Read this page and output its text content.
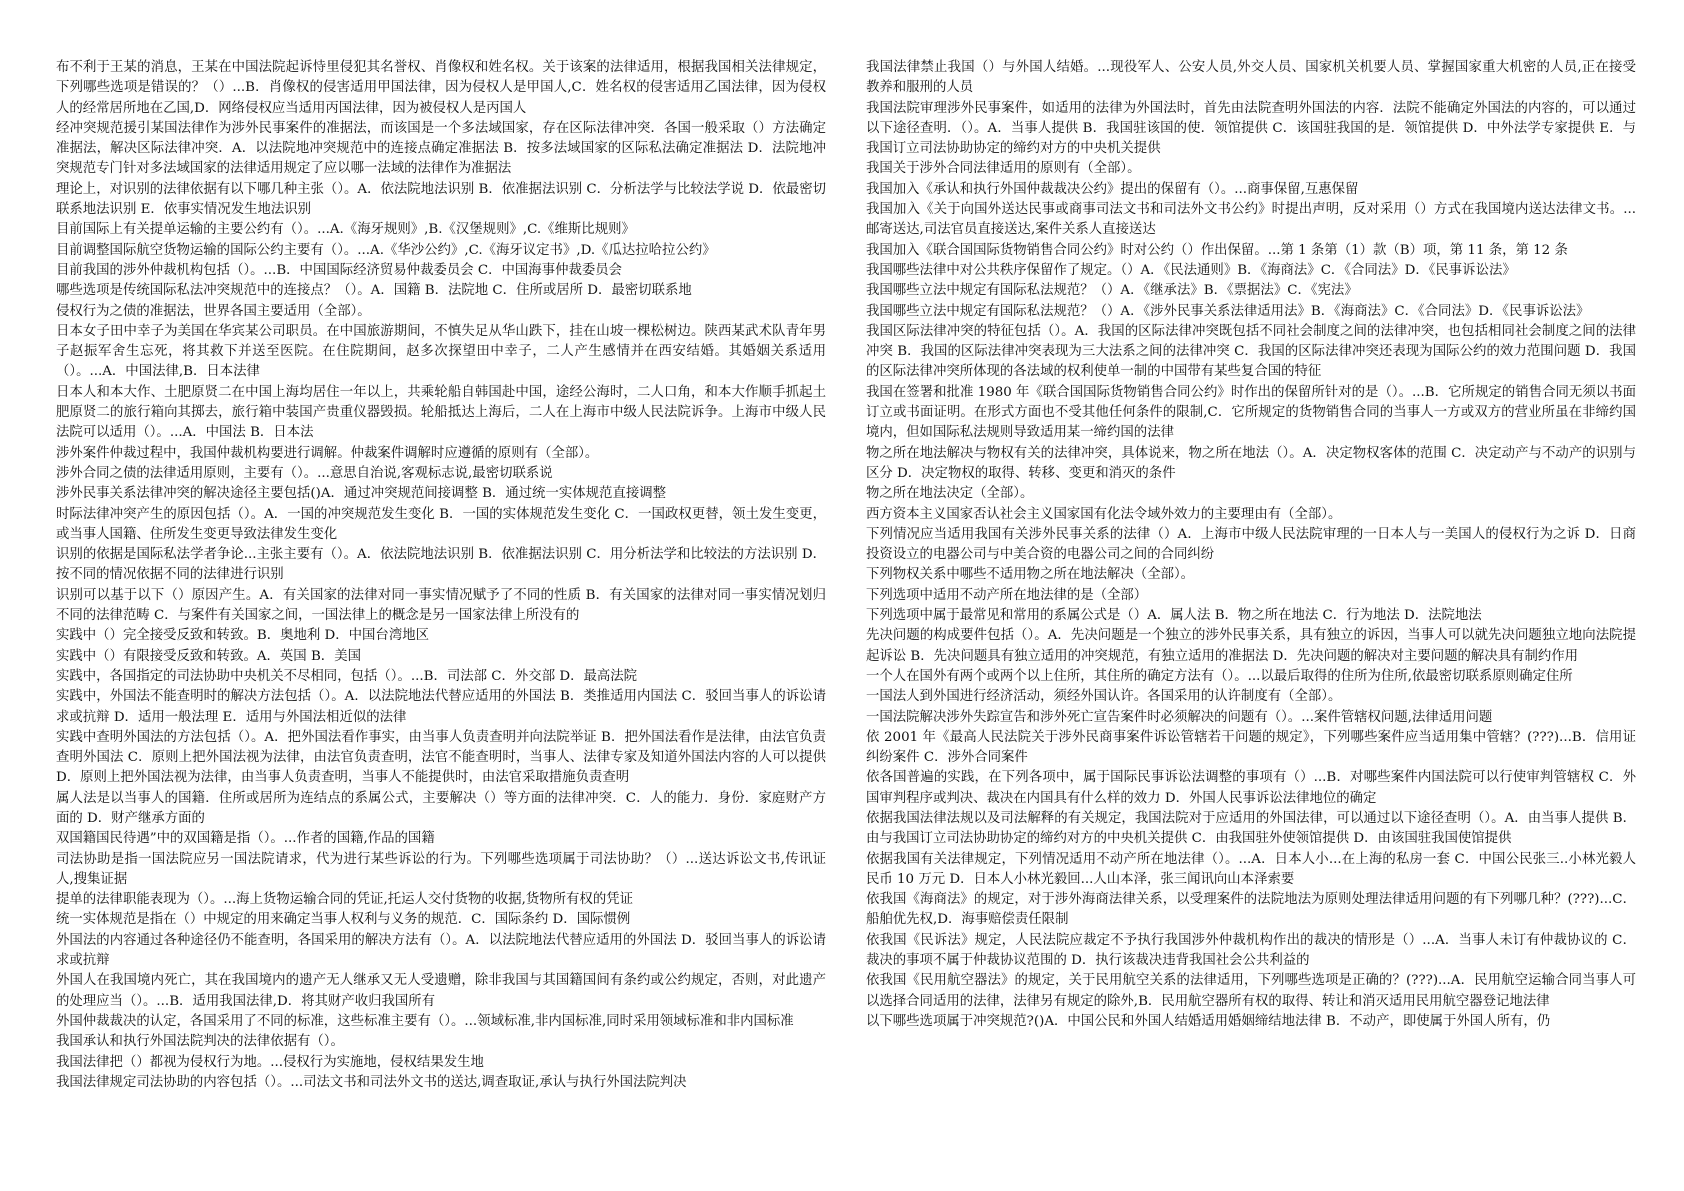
布不利于王某的消息，王某在中国法院起诉恃里侵犯其名誉权、肖像权和姓名权。关于该案的法律适用，根据我国相关法律规定，下列哪些选项是错误的？（）...B．肖像权的侵害适用甲国法律，因为侵权人是甲国人,C．姓名权的侵害适用乙国法律，因为侵权人的经常居所地在乙国,D．网络侵权应当适用丙国法律，因为被侵权人是丙国人

经冲突规范援引某国法律作为涉外民事案件的准据法，而该国是一个多法域国家，存在区际法律冲突．各国一般采取（）方法确定准据法，解决区际法律冲突．A．以法院地冲突规范中的连接点确定准据法 B．按多法域国家的区际私法确定准据法 D．法院地冲突规范专门针对多法域国家的法律适用规定了应以哪一法域的法律作为准据法

理论上，对识别的法律依据有以下哪几种主张（）。A．依法院地法识别 B．依准据法识别 C．分析法学与比较法学说 D．依最密切联系地法识别 E．依事实情况发生地法识别

目前国际上有关提单运输的主要公约有（）。...A.《海牙规则》,B.《汉堡规则》,C.《维斯比规则》

目前调整国际航空货物运输的国际公约主要有（）。...A.《华沙公约》,C.《海牙议定书》,D.《瓜达拉哈拉公约》

目前我国的涉外仲裁机构包括（）。...B．中国国际经济贸易仲裁委员会 C．中国海事仲裁委员会

哪些选项是传统国际私法冲突规范中的连接点？（）。A．国籍 B．法院地 C．住所或居所 D．最密切联系地

侵权行为之债的准据法，世界各国主要适用（全部）。

日本女子田中幸子为美国在华宾某公司职员。在中国旅游期间，不慎失足从华山跌下，挂在山坡一棵松树边。陕西某武术队青年男子赵振军舍生忘死，将其救下并送至医院。在住院期间，赵多次探望田中幸子，二人产生感情并在西安结婚。其婚姻关系适用（）。...A．中国法律,B．日本法律

日本人和本大作、土肥原贤二在中国上海均居住一年以上，共乘轮船自韩国赴中国，途经公海时，二人口角，和本大作顺手抓起土肥原贤二的旅行箱向其掷去，旅行箱中装国产贵重仪器毁损。轮船抵达上海后，二人在上海市中级人民法院诉争。上海市中级人民法院可以适用（）。...A．中国法 B．日本法

涉外案件仲裁过程中，我国仲裁机构要进行调解。仲裁案件调解时应遵循的原则有（全部）。

涉外合同之债的法律适用原则，主要有（）。...意思自治说,客观标志说,最密切联系说

涉外民事关系法律冲突的解决途径主要包括()A．通过冲突规范间接调整 B．通过统一实体规范直接调整

时际法律冲突产生的原因包括（）。A．一国的冲突规范发生变化 B．一国的实体规范发生变化 C．一国政权更替，领土发生变更，或当事人国籍、住所发生变更导致法律发生变化

识别的依据是国际私法学者争论...主张主要有（）。A．依法院地法识别 B．依准据法识别 C．用分析法学和比较法的方法识别 D．按不同的情况依据不同的法律进行识别

识别可以基于以下（）原因产生。A．有关国家的法律对同一事实情况赋予了不同的性质 B．有关国家的法律对同一事实情况划归不同的法律范畴 C．与案件有关国家之间，一国法律上的概念是另一国家法律上所没有的

实践中（）完全接受反致和转致。B．奥地利 D．中国台湾地区

实践中（）有限接受反致和转致。A．英国 B．美国

实践中，各国指定的司法协助中央机关不尽相同，包括（）。...B．司法部 C．外交部 D．最高法院

实践中，外国法不能查明时的解决方法包括（）。A．以法院地法代替应适用的外国法 B．类推适用内国法 C．驳回当事人的诉讼请求或抗辩 D．适用一般法理 E．适用与外国法相近似的法律

实践中查明外国法的方法包括（）。A．把外国法看作事实，由当事人负责查明并向法院举证 B．把外国法看作是法律，由法官负责查明外国法 C．原则上把外国法视为法律，由法官负责查明，法官不能查明时，当事人、法律专家及知道外国法内容的人可以提供 D．原则上把外国法视为法律，由当事人负责查明，当事人不能提供时，由法官采取措施负责查明

属人法是以当事人的国籍．住所或居所为连结点的系属公式，主要解决（）等方面的法律冲突．C．人的能力．身份．家庭财产方面的 D．财产继承方面的

双国籍国民待遇”中的双国籍是指（）。...作者的国籍,作品的国籍

司法协助是指一国法院应另一国法院请求，代为进行某些诉讼的行为。下列哪些选项属于司法协助？（）...送达诉讼文书,传讯证人,搜集证据

提单的法律职能表现为（）。...海上货物运输合同的凭证,托运人交付货物的收据,货物所有权的凭证

统一实体规范是指在（）中规定的用来确定当事人权利与义务的规范．C．国际条约 D．国际惯例

外国法的内容通过各种途径仍不能查明，各国采用的解决方法有（）。A．以法院地法代替应适用的外国法 D．驳回当事人的诉讼请求或抗辩

外国人在我国境内死亡，其在我国境内的遗产无人继承又无人受遗赠，除非我国与其国籍国间有条约或公约规定，否则，对此遗产的处理应当（）。...B．适用我国法律,D．将其财产收归我国所有

外国仲裁裁决的认定，各国采用了不同的标准，这些标准主要有（）。...领域标准,非内国标准,同时采用领域标准和非内国标准

我国承认和执行外国法院判决的法律依据有（）。

我国法律把（）都视为侵权行为地。...侵权行为实施地，侵权结果发生地

我国法律规定司法协助的内容包括（）。...司法文书和司法外文书的送达,调查取证,承认与执行外国法院判决

我国法律禁止我国（）与外国人结婚。...现役军人、公安人员,外交人员、国家机关机要人员、掌握国家重大机密的人员,正在接受教养和服刑的人员

我国法院审理涉外民事案件，如适用的法律为外国法时，首先由法院查明外国法的内容．法院不能确定外国法的内容的，可以通过以下途径查明．（）。A．当事人提供 B．我国驻该国的使．领馆提供 C．该国驻我国的是．领馆提供 D．中外法学专家提供 E．与我国订立司法协助协定的缔约对方的中央机关提供

我国关于涉外合同法律适用的原则有（全部）。

我国加入《承认和执行外国仲裁裁决公约》提出的保留有（）。...商事保留,互惠保留

我国加入《关于向国外送达民事或商事司法文书和司法外文书公约》时提出声明，反对采用（）方式在我国境内送达法律文书。...邮寄送达,司法官员直接送达,案件关系人直接送达

我国加入《联合国国际货物销售合同公约》时对公约（）作出保留。...第 1 条第（1）款（B）项，第 11 条，第 12 条

我国哪些法律中对公共秩序保留作了规定。（）A．《民法通则》B．《海商法》C．《合同法》D．《民事诉讼法》

我国哪些立法中规定有国际私法规范？（）A．《继承法》B．《票据法》C．《宪法》

我国哪些立法中规定有国际私法规范？（）A．《涉外民事关系法律适用法》B．《海商法》C．《合同法》D．《民事诉讼法》

我国区际法律冲突的特征包括（）。A．我国的区际法律冲突既包括不同社会制度之间的法律冲突，也包括相同社会制度之间的法律冲突 B．我国的区际法律冲突表现为三大法系之间的法律冲突 C．我国的区际法律冲突还表现为国际公约的效力范围问题 D．我国的区际法律冲突所体现的各法域的权利使单一制的中国带有某些复合国的特征

我国在签署和批准 1980 年《联合国国际货物销售合同公约》时作出的保留所针对的是（）。...B．它所规定的销售合同无须以书面订立或书面证明。在形式方面也不受其他任何条件的限制,C．它所规定的货物销售合同的当事人一方或双方的营业所虽在非缔约国境内，但如国际私法规则导致适用某一缔约国的法律

物之所在地法解决与物权有关的法律冲突，具体说来，物之所在地法（）。A．决定物权客体的范围 C．决定动产与不动产的识别与区分 D．决定物权的取得、转移、变更和消灭的条件

物之所在地法决定（全部）。

西方资本主义国家否认社会主义国家国有化法令域外效力的主要理由有（全部）。

下列情况应当适用我国有关涉外民事关系的法律（）A．上海市中级人民法院审理的一日本人与一美国人的侵权行为之诉 D．日商投资设立的电器公司与中美合资的电器公司之间的合同纠纷

下列物权关系中哪些不适用物之所在地法解决（全部）。

下列选项中适用不动产所在地法律的是（全部）

下列选项中属于最常见和常用的系属公式是（）A．属人法 B．物之所在地法 C．行为地法 D．法院地法

先决问题的构成要件包括（）。A．先决问题是一个独立的涉外民事关系，具有独立的诉因，当事人可以就先决问题独立地向法院提起诉讼 B．先决问题具有独立适用的冲突规范，有独立适用的准据法 D．先决问题的解决对主要问题的解决具有制约作用

一个人在国外有两个或两个以上住所，其住所的确定方法有（）。...以最后取得的住所为住所,依最密切联系原则确定住所

一国法人到外国进行经济活动，须经外国认许。各国采用的认许制度有（全部）。

一国法院解决涉外失踪宣告和涉外死亡宣告案件时必须解决的问题有（）。...案件管辖权问题,法律适用问题

依 2001 年《最高人民法院关于涉外民商事案件诉讼管辖若干问题的规定》，下列哪些案件应当适用集中管辖？(???)...B．信用证纠纷案件 C．涉外合同案件

依各国普遍的实践，在下列各项中，属于国际民事诉讼法调整的事项有（）...B．对哪些案件内国法院可以行使审判管辖权 C．外国审判程序或判决、裁决在内国具有什么样的效力 D．外国人民事诉讼法律地位的确定

依据我国法律法规以及司法解释的有关规定，我国法院对于应适用的外国法律，可以通过以下途径查明（）。A．由当事人提供 B．由与我国订立司法协助协定的缔约对方的中央机关提供 C．由我国驻外使领馆提供 D．由该国驻我国使馆提供

依据我国有关法律规定，下列情况适用不动产所在地法律（）。...A．日本人小...在上海的私房一套 C．中国公民张三..小林光毅人民币 10 万元 D．日本人小林光毅回...人山本泽，张三闻讯向山本泽索要

依我国《海商法》的规定，对于涉外海商法律关系，以受理案件的法院地法为原则处理法律适用问题的有下列哪几种？(???)...C．船舶优先权,D．海事赔偿责任限制

依我国《民诉法》规定，人民法院应裁定不予执行我国涉外仲裁机构作出的裁决的情形是（）...A．当事人未订有仲裁协议的 C．裁决的事项不属于仲裁协议范围的 D．执行该裁决违背我国社会公共利益的

依我国《民用航空器法》的规定，关于民用航空关系的法律适用，下列哪些选项是正确的？(???)...A．民用航空运输合同当事人可以选择合同适用的法律，法律另有规定的除外,B．民用航空器所有权的取得、转让和消灭适用民用航空器登记地法律

以下哪些选项属于冲突规范?()A．中国公民和外国人结婚适用婚姻缔结地法律 B．不动产，即使属于外国人所有，仍
